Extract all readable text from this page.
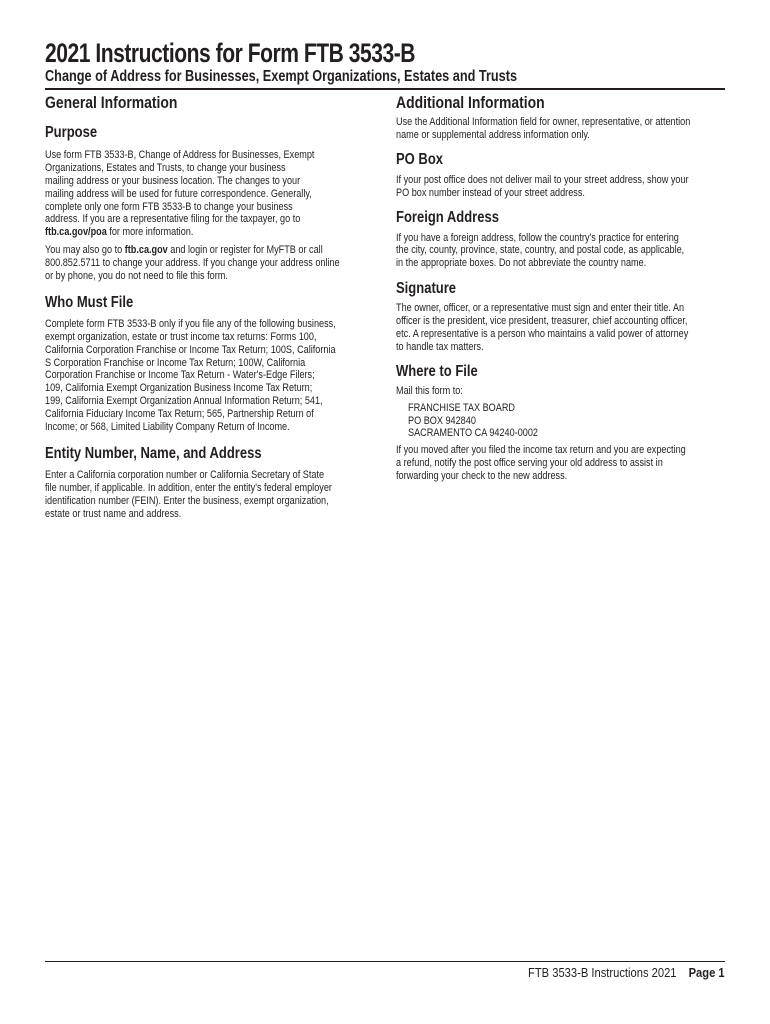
2021 Instructions for Form FTB 3533-B
Change of Address for Businesses, Exempt Organizations, Estates and Trusts
General Information
Purpose
Use form FTB 3533-B, Change of Address for Businesses, Exempt
Organizations, Estates and Trusts, to change your business
mailing address or your business location. The changes to your
mailing address will be used for future correspondence. Generally,
complete only one form FTB 3533-B to change your business
address. If you are a representative filing for the taxpayer, go to
ftb.ca.gov/poa for more information.
You may also go to ftb.ca.gov and login or register for MyFTB or call
800.852.5711 to change your address. If you change your address online
or by phone, you do not need to file this form.
Who Must File
Complete form FTB 3533-B only if you file any of the following business,
exempt organization, estate or trust income tax returns: Forms 100,
California Corporation Franchise or Income Tax Return; 100S, California
S Corporation Franchise or Income Tax Return; 100W, California
Corporation Franchise or Income Tax Return - Water's-Edge Filers;
109, California Exempt Organization Business Income Tax Return;
199, California Exempt Organization Annual Information Return; 541,
California Fiduciary Income Tax Return; 565, Partnership Return of
Income; or 568, Limited Liability Company Return of Income.
Entity Number, Name, and Address
Enter a California corporation number or California Secretary of State
file number, if applicable. In addition, enter the entity's federal employer
identification number (FEIN). Enter the business, exempt organization,
estate or trust name and address.
Additional Information
Use the Additional Information field for owner, representative, or attention
name or supplemental address information only.
PO Box
If your post office does not deliver mail to your street address, show your
PO box number instead of your street address.
Foreign Address
If you have a foreign address, follow the country's practice for entering
the city, county, province, state, country, and postal code, as applicable,
in the appropriate boxes. Do not abbreviate the country name.
Signature
The owner, officer, or a representative must sign and enter their title. An
officer is the president, vice president, treasurer, chief accounting officer,
etc. A representative is a person who maintains a valid power of attorney
to handle tax matters.
Where to File
Mail this form to:
FRANCHISE TAX BOARD
PO BOX 942840
SACRAMENTO CA 94240-0002
If you moved after you filed the income tax return and you are expecting
a refund, notify the post office serving your old address to assist in
forwarding your check to the new address.
FTB 3533-B Instructions 2021 Page 1
